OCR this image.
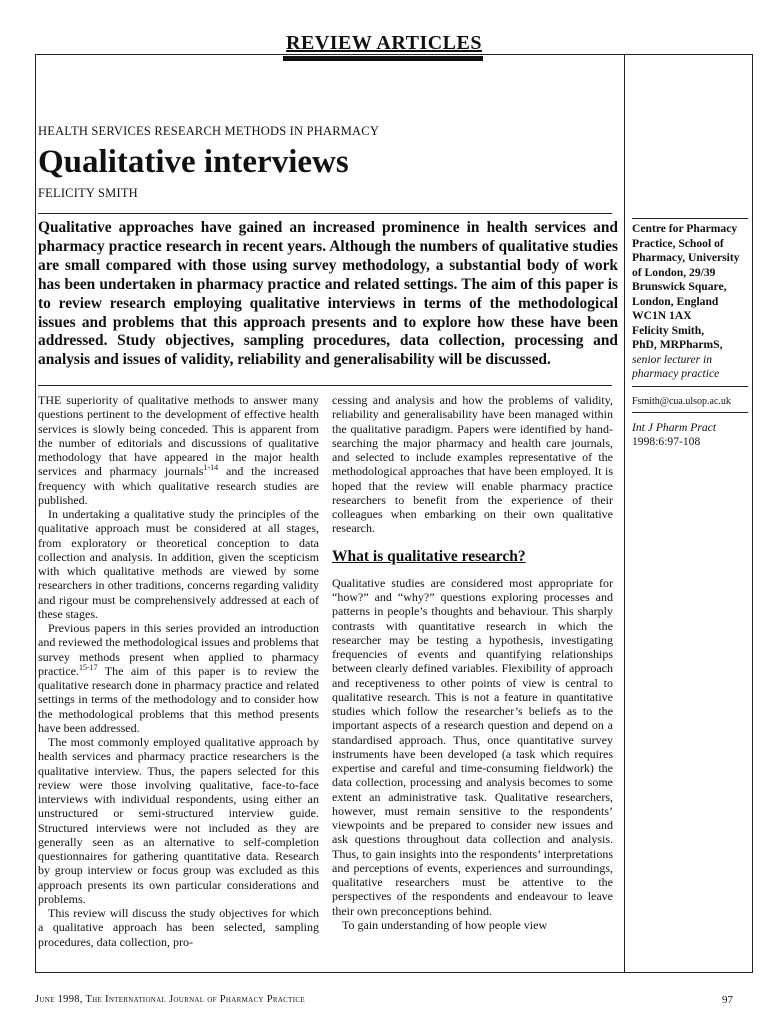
REVIEW ARTICLES
HEALTH SERVICES RESEARCH METHODS IN PHARMACY
Qualitative interviews
FELICITY SMITH
Qualitative approaches have gained an increased prominence in health services and pharmacy practice research in recent years. Although the numbers of qualitative studies are small compared with those using survey methodology, a substantial body of work has been undertaken in pharmacy practice and related settings. The aim of this paper is to review research employing qualitative interviews in terms of the methodological issues and problems that this approach presents and to explore how these have been addressed. Study objectives, sampling procedures, data collection, processing and analysis and issues of validity, reliability and generalisability will be discussed.
Centre for Pharmacy Practice, School of Pharmacy, University of London, 29/39 Brunswick Square, London, England WC1N 1AX
Felicity Smith,
PhD, MRPharmS,
senior lecturer in pharmacy practice
Fsmith@cua.ulsop.ac.uk
Int J Pharm Pract
1998:6:97-108

THE superiority of qualitative methods to answer many questions pertinent to the development of effective health services is slowly being conceded. This is apparent from the number of editorials and discussions of qualitative methodology that have appeared in the major health services and pharmacy journals$^{1-14}$ and the increased frequency with which qualitative research studies are published.

In undertaking a qualitative study the principles of the qualitative approach must be considered at all stages, from exploratory or theoretical conception to data collection and analysis. In addition, given the scepticism with which qualitative methods are viewed by some researchers in other traditions, concerns regarding validity and rigour must be comprehensively addressed at each of these stages.

Previous papers in this series provided an introduction and reviewed the methodological issues and problems that survey methods present when applied to pharmacy practice.$^{15-17}$ The aim of this paper is to review the qualitative research done in pharmacy practice and related settings in terms of the methodology and to consider how the methodological problems that this method presents have been addressed.

The most commonly employed qualitative approach by health services and pharmacy practice researchers is the qualitative interview. Thus, the papers selected for this review were those involving qualitative, face-to-face interviews with individual respondents, using either an unstructured or semi-structured interview guide. Structured interviews were not included as they are generally seen as an alternative to self-completion questionnaires for gathering quantitative data. Research by group interview or focus group was excluded as this approach presents its own particular considerations and problems.

This review will discuss the study objectives for which a qualitative approach has been selected, sampling procedures, data collection, pro-

cessing and analysis and how the problems of validity, reliability and generalisability have been managed within the qualitative paradigm. Papers were identified by hand-searching the major pharmacy and health care journals, and selected to include examples representative of the methodological approaches that have been employed. It is hoped that the review will enable pharmacy practice researchers to benefit from the experience of their colleagues when embarking on their own qualitative research.

What is qualitative research?

Qualitative studies are considered most appropriate for “how?” and “why?” questions exploring processes and patterns in people’s thoughts and behaviour. This sharply contrasts with quantitative research in which the researcher may be testing a hypothesis, investigating frequencies of events and quantifying relationships between clearly defined variables. Flexibility of approach and receptiveness to other points of view is central to qualitative research. This is not a feature in quantitative studies which follow the researcher’s beliefs as to the important aspects of a research question and depend on a standardised approach. Thus, once quantitative survey instruments have been developed (a task which requires expertise and careful and time-consuming fieldwork) the data collection, processing and analysis becomes to some extent an administrative task. Qualitative researchers, however, must remain sensitive to the respondents’ viewpoints and be prepared to consider new issues and ask questions throughout data collection and analysis. Thus, to gain insights into the respondents’ interpretations and perceptions of events, experiences and surroundings, qualitative researchers must be attentive to the perspectives of the respondents and endeavour to leave their own preconceptions behind.

To gain understanding of how people view

June 1998, The International Journal of Pharmacy Practice	97
